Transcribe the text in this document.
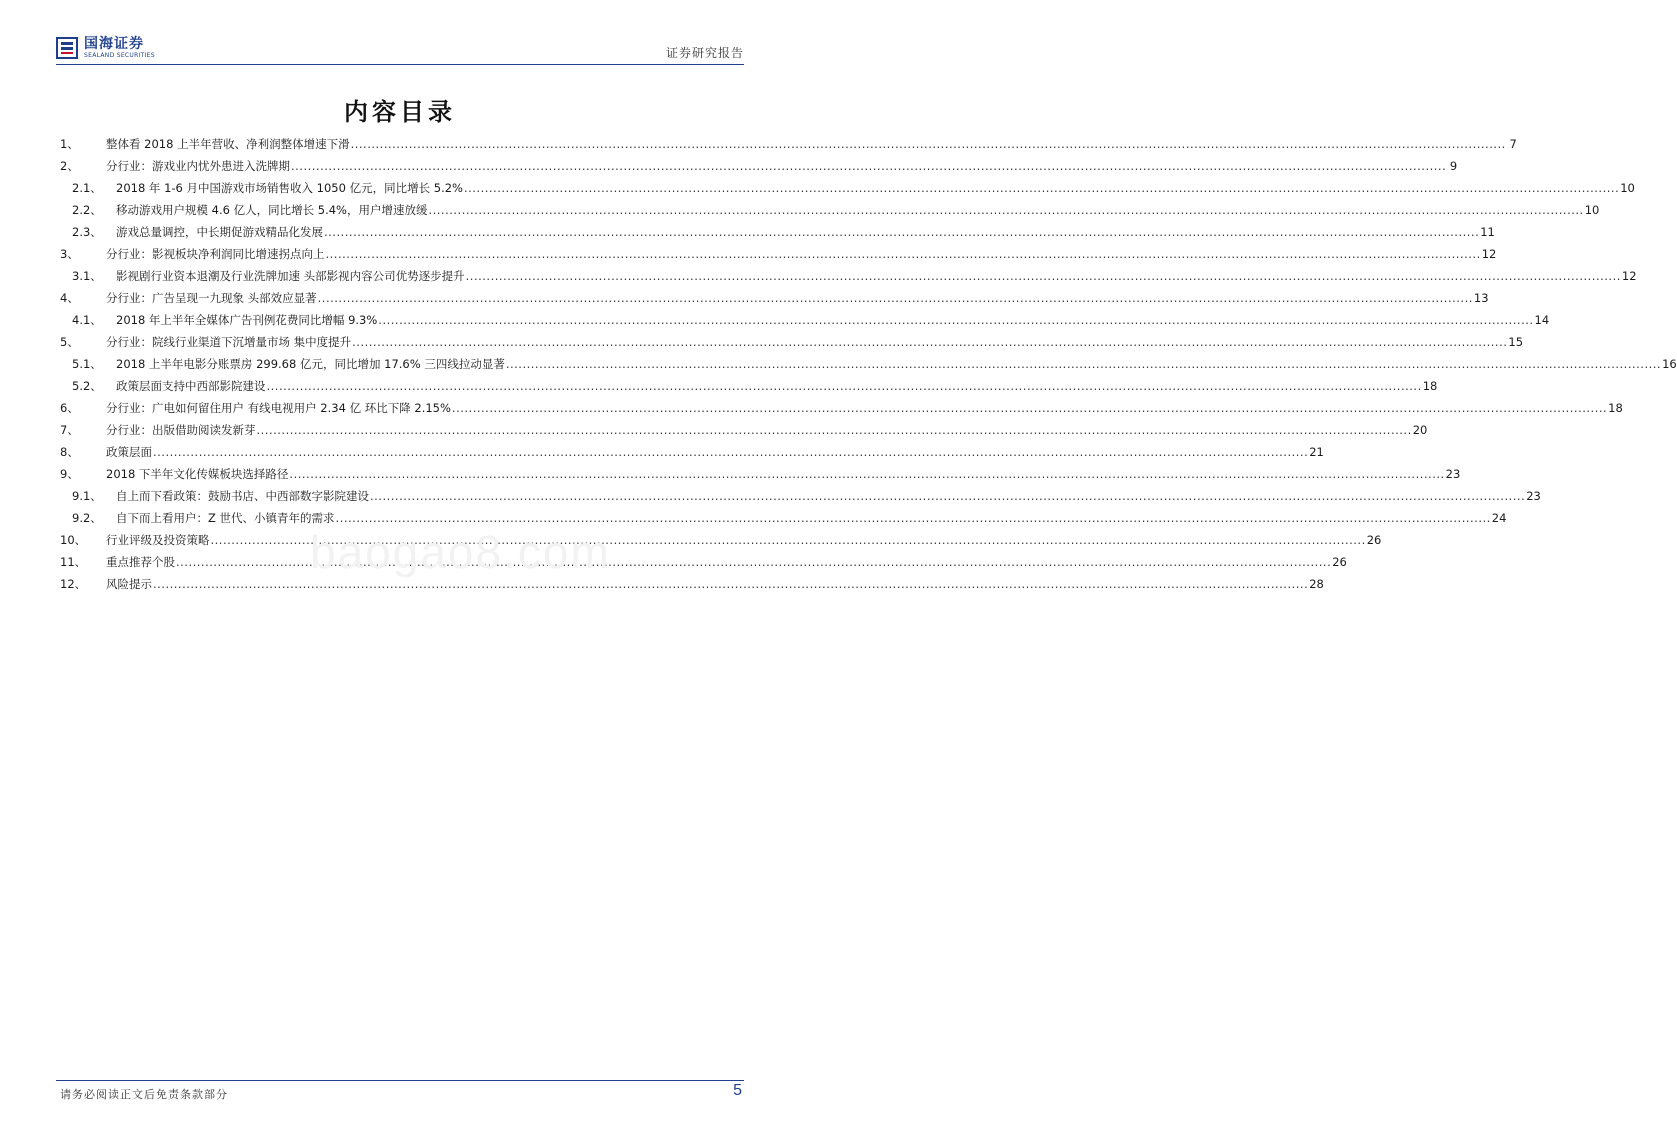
国海证券
SEALAND SECURITIES	证券研究报告
内容目录
1、	整体看 2018 上半年营收、净利润整体增速下滑 .....	7
2、	分行业：游戏业内忧外患进入洗牌期 .....	9
2.1、	2018 年 1-6 月中国游戏市场销售收入 1050 亿元，同比增长 5.2% .....	10
2.2、	移动游戏用户规模 4.6 亿人，同比增长 5.4%，用户增速放缓 .....	10
2.3、	游戏总量调控，中长期促游戏精品化发展 .....	11
3、	分行业：影视板块净利润同比增速拐点向上 .....	12
3.1、	影视剧行业资本退潮及行业洗牌加速 头部影视内容公司优势逐步提升 .....	12
4、	分行业：广告呈现一九现象 头部效应显著 .....	13
4.1、	2018 年上半年全媒体广告刊例花费同比增幅 9.3% .....	14
5、	分行业：院线行业渠道下沉增量市场 集中度提升 .....	15
5.1、	2018 上半年电影分账票房 299.68 亿元，同比增加 17.6% 三四线拉动显著 .....	16
5.2、	政策层面支持中西部影院建设 .....	18
6、	分行业：广电如何留住用户 有线电视用户 2.34 亿 环比下降 2.15% .....	18
7、	分行业：出版借助阅读发新芽 .....	20
8、	政策层面 .....	21
9、	2018 下半年文化传媒板块选择路径 .....	23
9.1、	自上而下看政策：鼓励书店、中西部数字影院建设 .....	23
9.2、	自下而上看用户：Z 世代、小镇青年的需求 .....	24
10、	行业评级及投资策略 .....	26
11、	重点推荐个股 .....	26
12、	风险提示 .....	28
baogao8.com
请务必阅读正文后免责条款部分	5
